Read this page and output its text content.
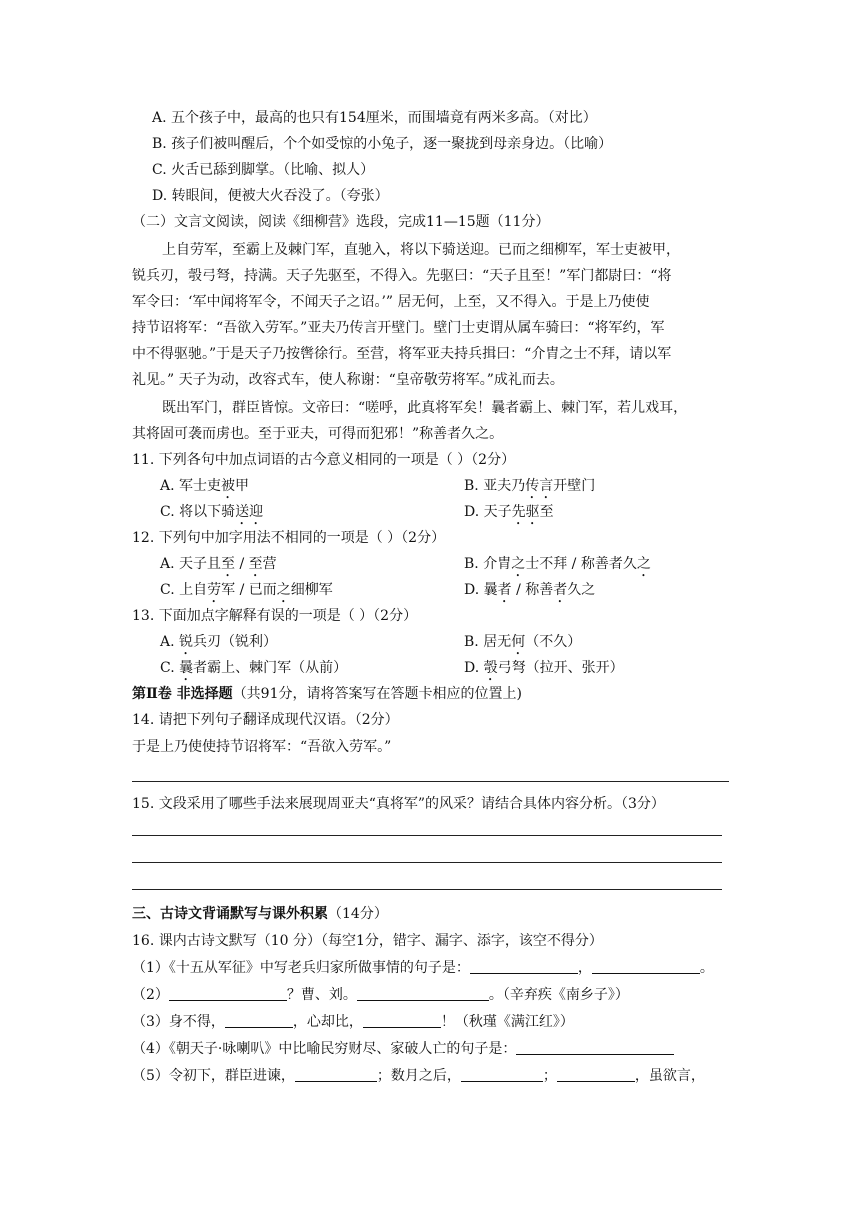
A. 五个孩子中，最高的也只有154厘米，而围墙竟有两米多高。（对比）
B. 孩子们被叫醒后，个个如受惊的小兔子，逐一聚拢到母亲身边。（比喻）
C. 火舌已舔到脚掌。（比喻、拟人）
D. 转眼间，便被大火吞没了。（夸张）
（二）文言文阅读，阅读《细柳营》选段，完成11—15题（11分）
上自劳军，至霸上及棘门军，直驰入，将以下骑送迎。已而之细柳军，军士吏被甲，
锐兵刃，彀弓弩，持满。天子先驱至，不得入。先驱曰：“天子且至！”军门都尉曰：“将
军令曰：‘军中闻将军令，不闻天子之诏。’” 居无何，上至，又不得入。于是上乃使使
持节诏将军：“吾欲入劳军。”亚夫乃传言开壁门。壁门士吏谓从属车骑曰：“将军约，军
中不得驱驰。”于是天子乃按辔徐行。至营，将军亚夫持兵揖曰：“介胄之士不拜，请以军
礼见。” 天子为动，改容式车，使人称谢：“皇帝敬劳将军。”成礼而去。
既出军门，群臣皆惊。文帝曰：“嗟呼，此真将军矣！曩者霸上、棘门军，若儿戏耳，
其将固可袭而虏也。至于亚夫，可得而犯邪！”称善者久之。
11. 下列各句中加点词语的古今意义相同的一项是（ ）（2分）
A. 军士吏被甲	B. 亚夫乃传言开壁门
C. 将以下骑送迎	D. 天子先驱至
12. 下列句中加字用法不相同的一项是（ ）（2分）
A. 天子且至 / 至营	B. 介胄之士不拜 / 称善者久之
C. 上自劳军 / 已而之细柳军	D. 曩者 / 称善者久之
13. 下面加点字解释有误的一项是（ ）（2分）
A. 锐兵刃（锐利）	B. 居无何（不久）
C. 曩者霸上、棘门军（从前）	D. 彀弓弩（拉开、张开）
第Ⅱ卷 非选择题（共91分，请将答案写在答题卡相应的位置上)
14. 请把下列句子翻译成现代汉语。（2分）
于是上乃使使持节诏将军：“吾欲入劳军。”
15. 文段采用了哪些手法来展现周亚夫“真将军”的风采？请结合具体内容分析。（3分）
三、古诗文背诵默写与课外积累（14分）
16. 课内古诗文默写（10 分）（每空1分，错字、漏字、添字，该空不得分）
（1）《十五从军征》中写老兵归家所做事情的句子是：	，	。
（2）	？曹、刘。	。（辛弃疾《南乡子》）
（3）身不得，	，心却比，	！（秋瑾《满江红》）
（4）《朝天子·咏喇叭》中比喻民穷财尽、家破人亡的句子是：
（5）令初下，群臣进谏，	；数月之后，	；	，虽欲言，
